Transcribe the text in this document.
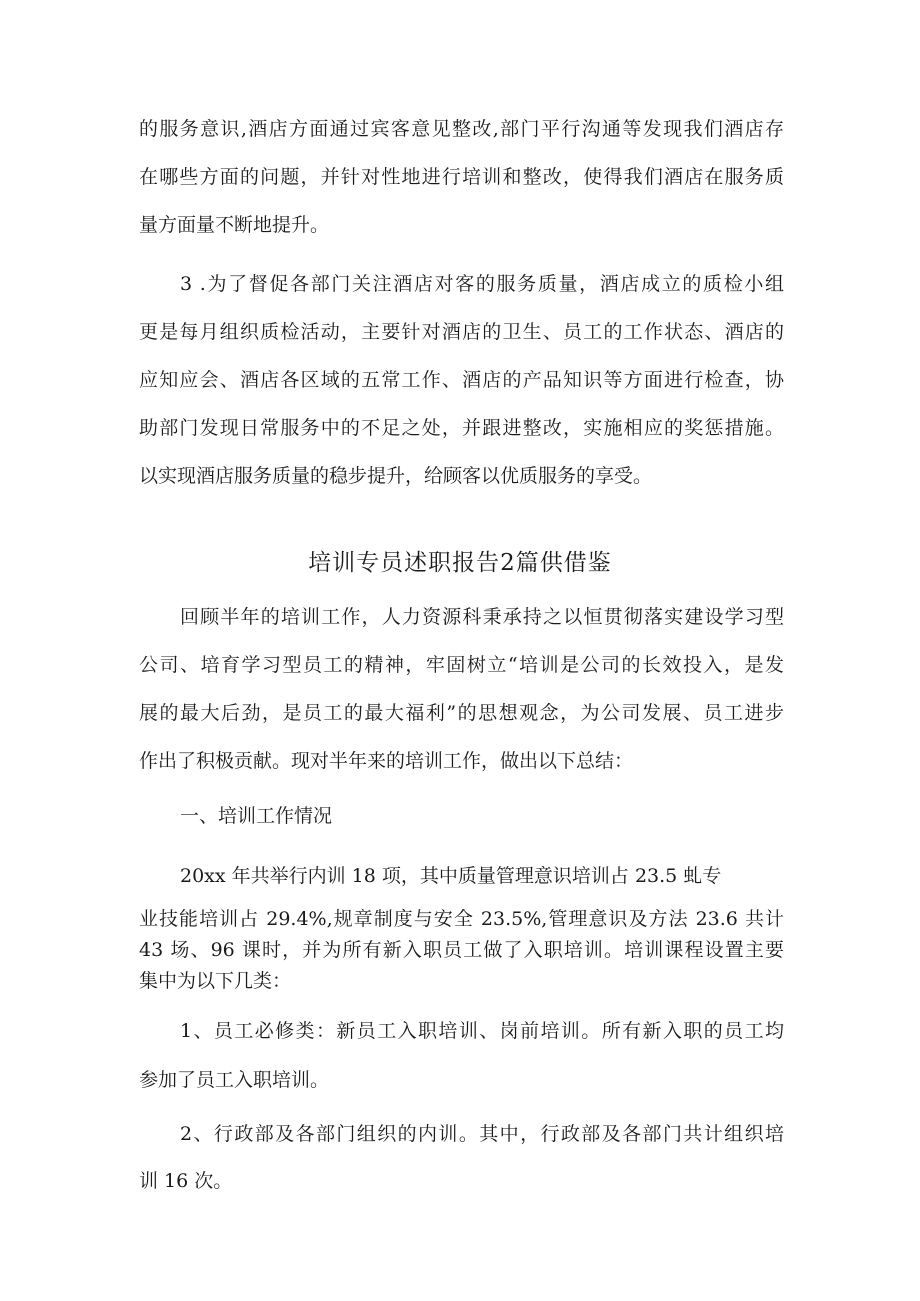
的服务意识,酒店方面通过宾客意见整改,部门平行沟通等发现我们酒店存
在哪些方面的问题，并针对性地进行培训和整改，使得我们酒店在服务质
量方面量不断地提升。
3 .为了督促各部门关注酒店对客的服务质量，酒店成立的质检小组
更是每月组织质检活动，主要针对酒店的卫生、员工的工作状态、酒店的
应知应会、酒店各区域的五常工作、酒店的产品知识等方面进行检查，协
助部门发现日常服务中的不足之处，并跟进整改，实施相应的奖惩措施。
以实现酒店服务质量的稳步提升，给顾客以优质服务的享受。
培训专员述职报告2篇供借鉴
回顾半年的培训工作，人力资源科秉承持之以恒贯彻落实建设学习型
公司、培育学习型员工的精神，牢固树立“培训是公司的长效投入，是发
展的最大后劲，是员工的最大福利”的思想观念，为公司发展、员工进步
作出了积极贡献。现对半年来的培训工作，做出以下总结：
一、培训工作情况
20xx 年共举行内训 18 项，其中质量管理意识培训占 23.5 虬专
业技能培训占 29.4%,规章制度与安全 23.5%,管理意识及方法 23.6 共计
43 场、96 课时，并为所有新入职员工做了入职培训。培训课程设置主要
集中为以下几类：
1、员工必修类：新员工入职培训、岗前培训。所有新入职的员工均
参加了员工入职培训。
2、行政部及各部门组织的内训。其中，行政部及各部门共计组织培
训 16 次。
